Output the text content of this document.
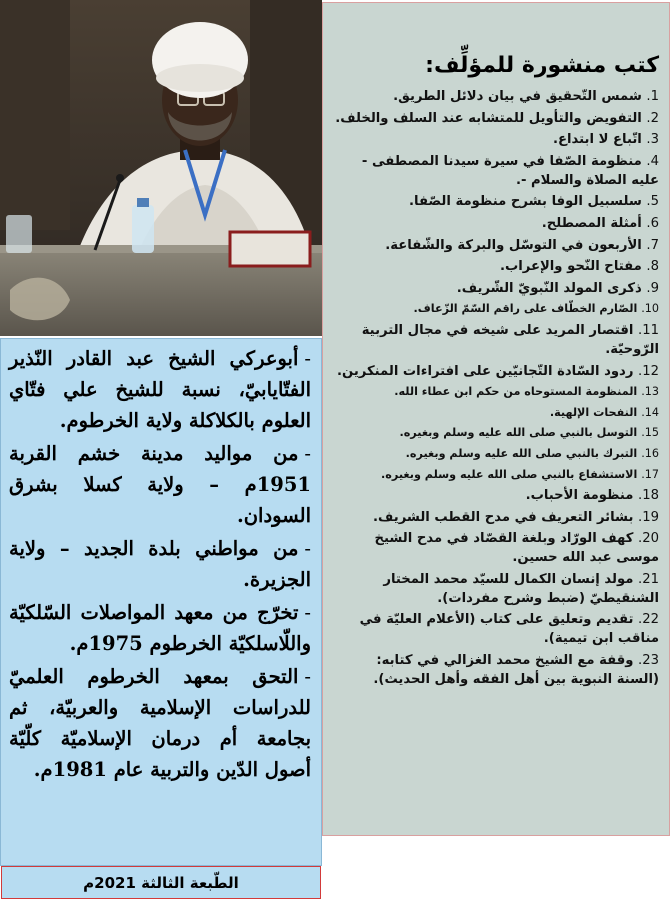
كتب منشورة للمؤلِّف:
1. شمس التّحقيق في بيان دلائل الطريق.
2. التفويض والتأويل للمتشابه عند السلف والخلف.
3. اتّباع لا ابتداع.
4. منظومة الصّفا في سيرة سيدنا المصطفى - عليه الصلاة والسلام -.
5. سلسبيل الوفا بشرح منظومة الصّفا.
6. أمثلة المصطلح.
7. الأربعون في التوسّل والبركة والشّفاعة.
8. مفتاح النّحو والإعراب.
9. ذكرى المولد النّبويّ الشّريف.
10. الصّارم الخطّاف على راقم السّمّ الزّعاف.
11. اقتصار المريد على شيخه في مجال التربية الرّوحيّة.
12. ردود السّادة التّجانيّين على افتراءات المنكرين.
13. المنظومة المستوحاه من حكم ابن عطاء الله.
14. النفحات الإلهية.
15. التوسل بالنبي صلى الله عليه وسلم وبغيره.
16. التبرك بالنبي صلى الله عليه وسلم وبغيره.
17. الاستشفاع بالنبي صلى الله عليه وسلم وبغيره.
18. منظومة الأحباب.
19. بشائر التعريف في مدح القطب الشريف.
20. كهف الورّاد وبلغة القصّاد في مدح الشيخ موسى عبد الله حسين.
21. مولد إنسان الكمال للسيّد محمد المختار الشنقيطيّ (ضبط وشرح مفردات).
22. تقديم وتعليق على كتاب (الأعلام العليّة في مناقب ابن تيمية).
23. وقفة مع الشيخ محمد الغزالي في كتابه: (السنة النبوية بين أهل الفقه وأهل الحديث).

-أبوعركي الشيخ عبد القادر النّذير الفتّايابيّ، نسبة للشيخ علي فتّاي العلوم بالكلاكلة ولاية الخرطوم.

-من مواليد مدينة خشم القربة 1951م – ولاية كسلا بشرق السودان.

-من مواطني بلدة الجديد – ولاية الجزيرة.

-تخرّج من معهد المواصلات السّلكيّة واللّاسلكيّة الخرطوم 1975م.

-التحق بمعهد الخرطوم العلميّ للدراسات الإسلامية والعربيّة، ثم بجامعة أم درمان الإسلاميّة كلّيّة أصول الدّين والتربية عام 1981م.

الطّبعة الثالثة 2021م
